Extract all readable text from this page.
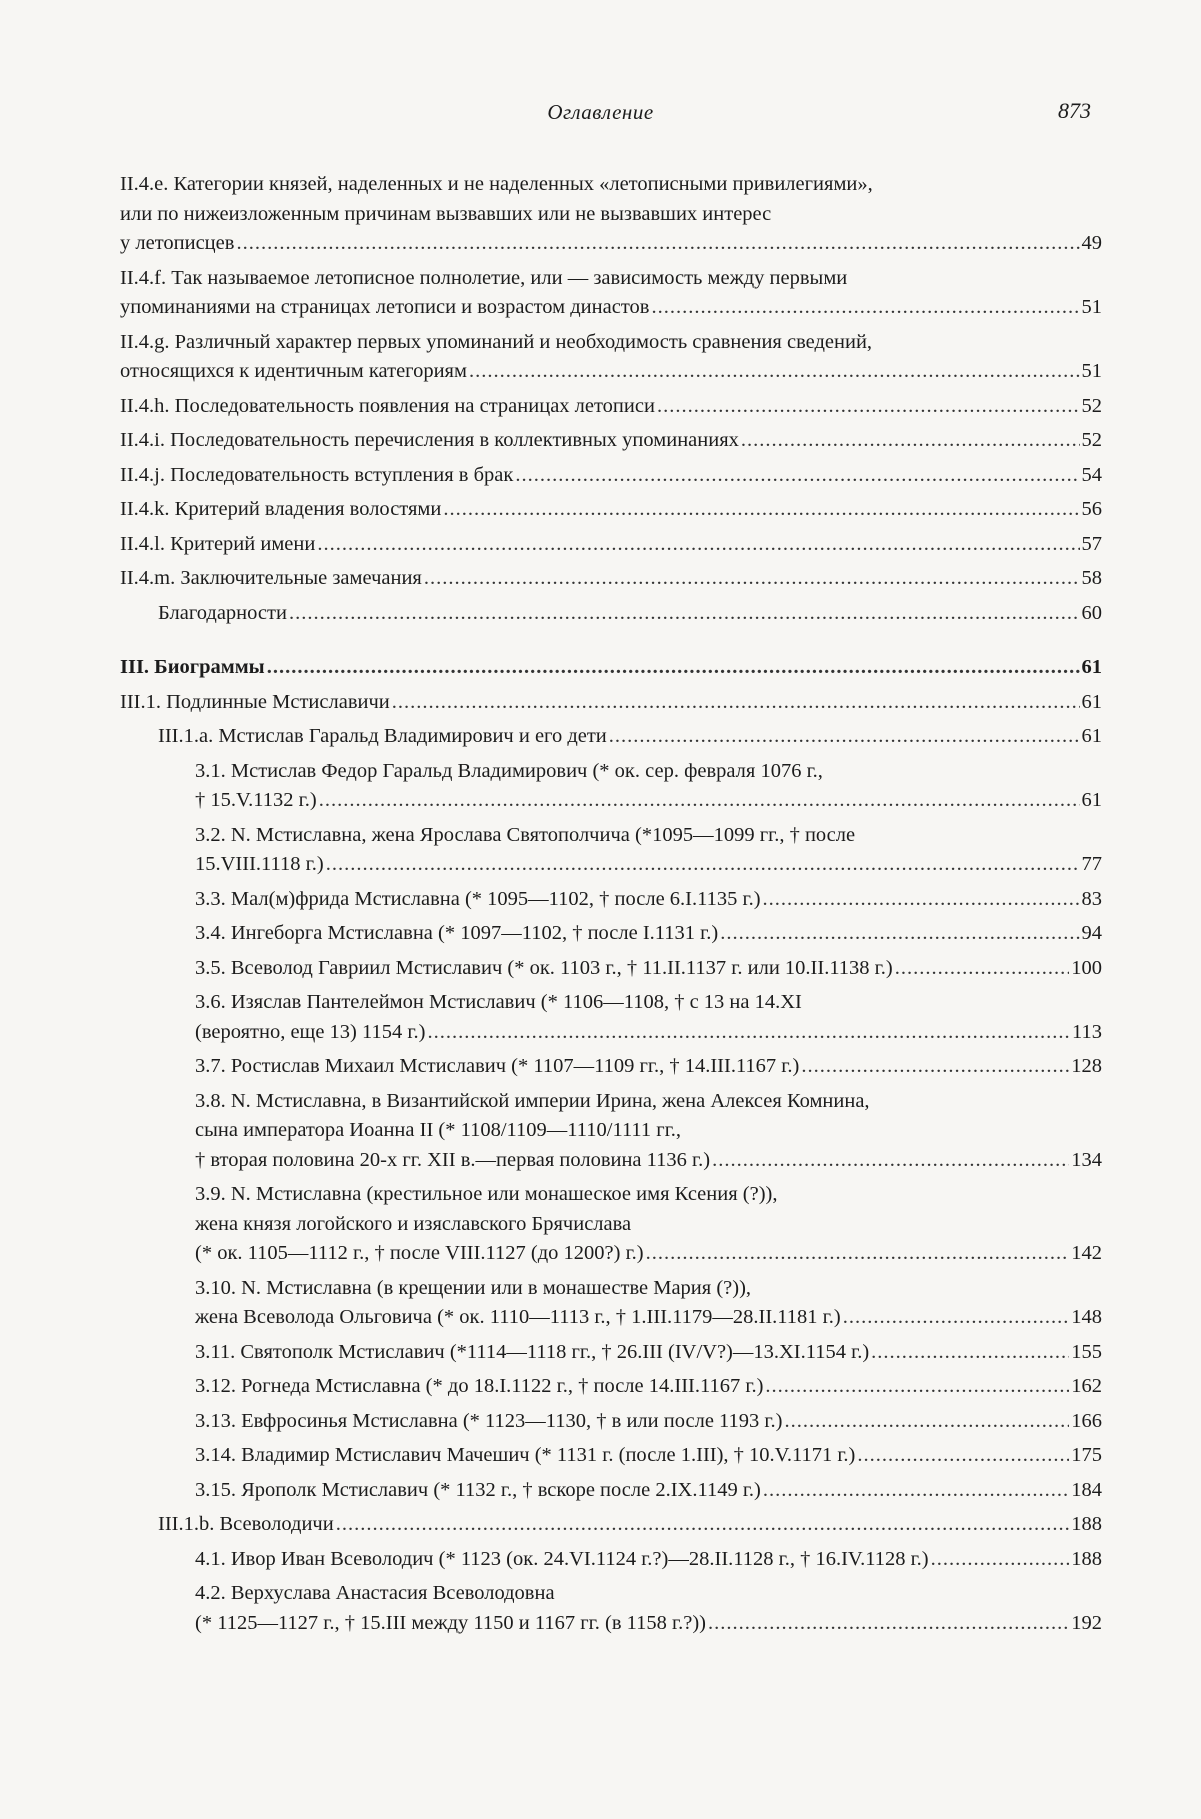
Оглавление	873
II.4.e. Категории князей, наделенных и не наделенных «летописными привилегиями»,
или по нижеизложенным причинам вызвавших или не вызвавших интерес
у летописцев .....	49
II.4.f. Так называемое летописное полнолетие, или — зависимость между первыми
упоминаниями на страницах летописи и возрастом династов .....	51
II.4.g. Различный характер первых упоминаний и необходимость сравнения сведений,
относящихся к идентичным категориям .....	51
II.4.h. Последовательность появления на страницах летописи .....	52
II.4.i. Последовательность перечисления в коллективных упоминаниях .....	52
II.4.j. Последовательность вступления в брак .....	54
II.4.k. Критерий владения волостями .....	56
II.4.l. Критерий имени .....	57
II.4.m. Заключительные замечания .....	58
Благодарности .....	60
III. Биограммы .....	61
III.1. Подлинные Мстиславичи .....	61
III.1.a. Мстислав Гаральд Владимирович и его дети .....	61
3.1. Мстислав Федор Гаральд Владимирович (* ок. сер. февраля 1076 г.,
† 15.V.1132 г.) .....	61
3.2. N. Мстиславна, жена Ярослава Святополчича (*1095—1099 гг., † после
15.VIII.1118 г.) .....	77
3.3. Мал(м)фрида Мстиславна (* 1095—1102, † после 6.I.1135 г.) .....	83
3.4. Ингеборга Мстиславна (* 1097—1102, † после I.1131 г.) .....	94
3.5. Всеволод Гавриил Мстиславич (* ок. 1103 г., † 11.II.1137 г. или 10.II.1138 г.) .....	100
3.6. Изяслав Пантелеймон Мстиславич (* 1106—1108, † с 13 на 14.XI
(вероятно, еще 13) 1154 г.) .....	113
3.7. Ростислав Михаил Мстиславич (* 1107—1109 гг., † 14.III.1167 г.) .....	128
3.8. N. Мстиславна, в Византийской империи Ирина, жена Алексея Комнина,
сына императора Иоанна II (* 1108/1109—1110/1111 гг.,
† вторая половина 20-х гг. XII в.—первая половина 1136 г.) .....	134
3.9. N. Мстиславна (крестильное или монашеское имя Ксения (?)),
жена князя логойского и изяславского Брячислава
(* ок. 1105—1112 г., † после VIII.1127 (до 1200?) г.) .....	142
3.10. N. Мстиславна (в крещении или в монашестве Мария (?)),
жена Всеволода Ольговича (* ок. 1110—1113 г., † 1.III.1179—28.II.1181 г.) .....	148
3.11. Святополк Мстиславич (*1114—1118 гг., † 26.III (IV/V?)—13.XI.1154 г.) .....	155
3.12. Рогнеда Мстиславна (* до 18.I.1122 г., † после 14.III.1167 г.) .....	162
3.13. Евфросинья Мстиславна (* 1123—1130, † в или после 1193 г.) .....	166
3.14. Владимир Мстиславич Мачешич (* 1131 г. (после 1.III), † 10.V.1171 г.) .....	175
3.15. Ярополк Мстиславич (* 1132 г., † вскоре после 2.IX.1149 г.) .....	184
III.1.b. Всеволодичи .....	188
4.1. Ивор Иван Всеволодич (* 1123 (ок. 24.VI.1124 г.?)—28.II.1128 г., † 16.IV.1128 г.) .....	188
4.2. Верхуслава Анастасия Всеволодовна
(* 1125—1127 г., † 15.III между 1150 и 1167 гг. (в 1158 г.?)) .....	192
